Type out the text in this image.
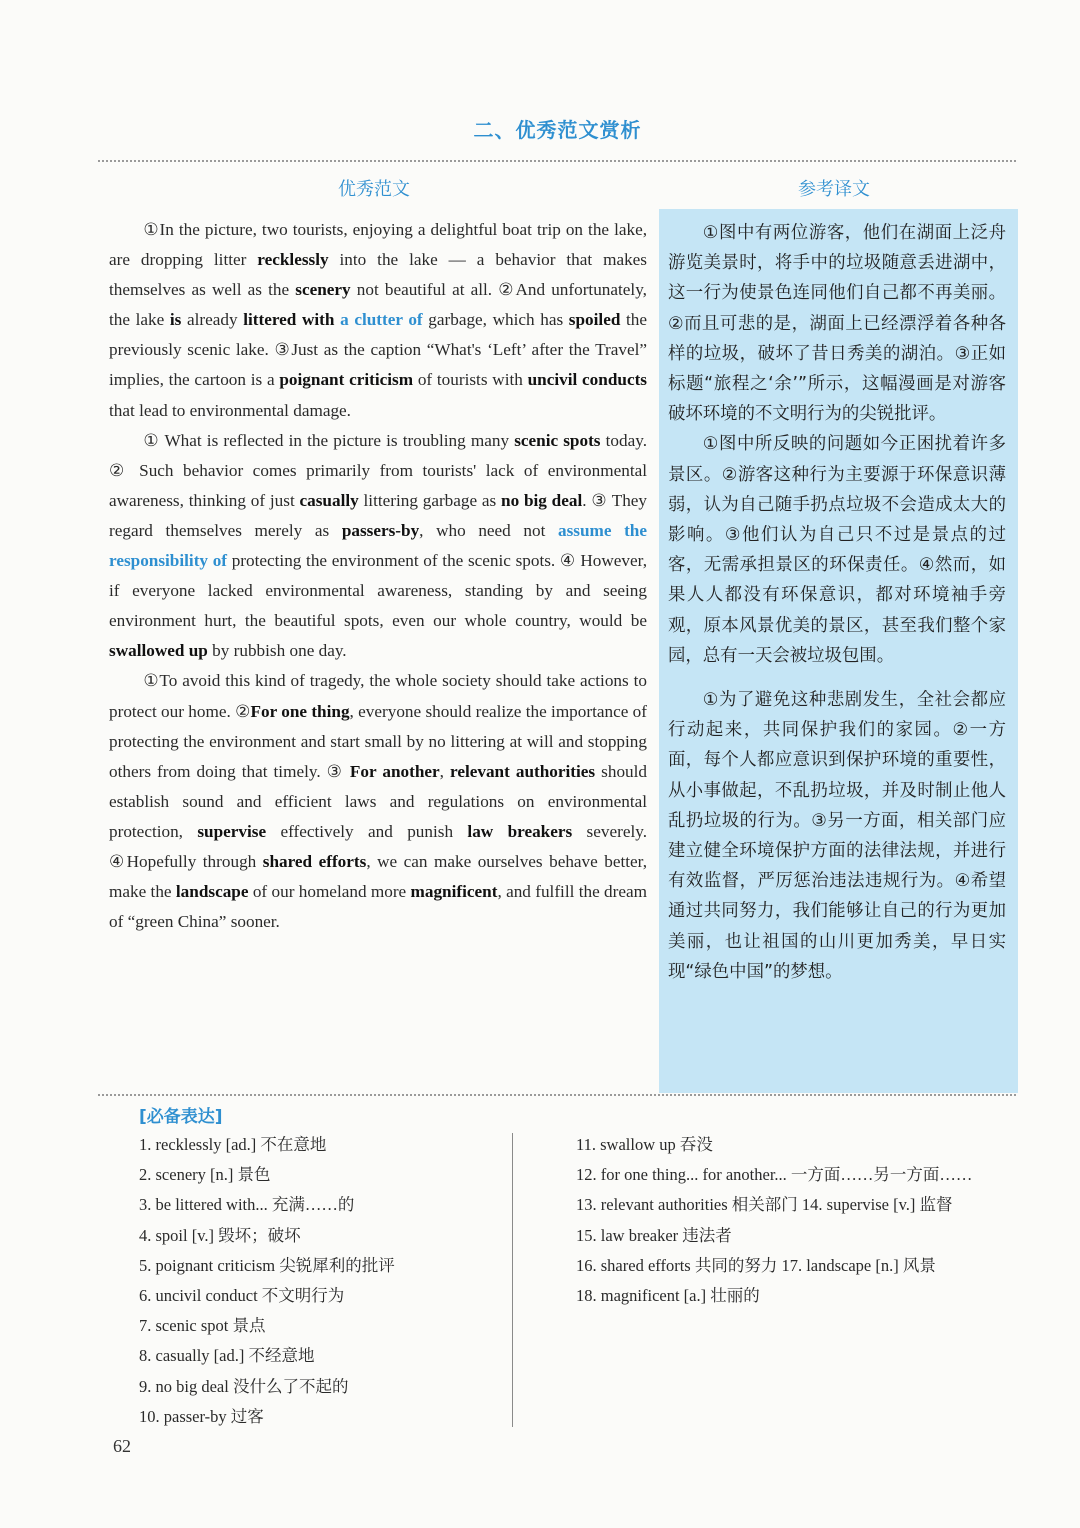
二、优秀范文赏析
优秀范文	参考译文

①In the picture, two tourists, enjoying a delightful boat trip on the lake, are dropping litter recklessly into the lake — a behavior that makes themselves as well as the scenery not beautiful at all. ②And unfortunately, the lake is already littered with a clutter of garbage, which has spoiled the previously scenic lake. ③Just as the caption “What's ‘Left’ after the Travel” implies, the cartoon is a poignant criticism of tourists with uncivil conducts that lead to environmental damage.

① What is reflected in the picture is troubling many scenic spots today. ② Such behavior comes primarily from tourists' lack of environmental awareness, thinking of just casually littering garbage as no big deal. ③ They regard themselves merely as passers-by, who need not assume the responsibility of protecting the environment of the scenic spots. ④ However, if everyone lacked environmental awareness, standing by and seeing environment hurt, the beautiful spots, even our whole country, would be swallowed up by rubbish one day.

①To avoid this kind of tragedy, the whole society should take actions to protect our home. ②For one thing, everyone should realize the importance of protecting the environment and start small by no littering at will and stopping others from doing that timely. ③ For another, relevant authorities should establish sound and efficient laws and regulations on environmental protection, supervise effectively and punish law breakers severely. ④Hopefully through shared efforts, we can make ourselves behave better, make the landscape of our homeland more magnificent, and fulfill the dream of “green China” sooner.

①图中有两位游客，他们在湖面上泛舟游览美景时，将手中的垃圾随意丢进湖中，这一行为使景色连同他们自己都不再美丽。②而且可悲的是，湖面上已经漂浮着各种各样的垃圾，破坏了昔日秀美的湖泊。③正如标题“旅程之‘余’”所示，这幅漫画是对游客破坏环境的不文明行为的尖锐批评。

①图中所反映的问题如今正困扰着许多景区。②游客这种行为主要源于环保意识薄弱，认为自己随手扔点垃圾不会造成太大的影响。③他们认为自己只不过是景点的过客，无需承担景区的环保责任。④然而，如果人人都没有环保意识，都对环境袖手旁观，原本风景优美的景区，甚至我们整个家园，总有一天会被垃圾包围。

①为了避免这种悲剧发生，全社会都应行动起来，共同保护我们的家园。②一方面，每个人都应意识到保护环境的重要性，从小事做起，不乱扔垃圾，并及时制止他人乱扔垃圾的行为。③另一方面，相关部门应建立健全环境保护方面的法律法规，并进行有效监督，严厉惩治违法违规行为。④希望通过共同努力，我们能够让自己的行为更加美丽，也让祖国的山川更加秀美，早日实现“绿色中国”的梦想。

[必备表达]
1. recklessly [ad.] 不在意地
2. scenery [n.] 景色
3. be littered with... 充满……的
4. spoil [v.] 毁坏；破坏
5. poignant criticism 尖锐犀利的批评
6. uncivil conduct 不文明行为
7. scenic spot 景点
8. casually [ad.] 不经意地
9. no big deal 没什么了不起的
10. passer-by 过客
11. swallow up 吞没
12. for one thing... for another... 一方面……另一方面……
13. relevant authorities 相关部门 14. supervise [v.] 监督
15. law breaker 违法者
16. shared efforts 共同的努力 17. landscape [n.] 风景
18. magnificent [a.] 壮丽的
62
